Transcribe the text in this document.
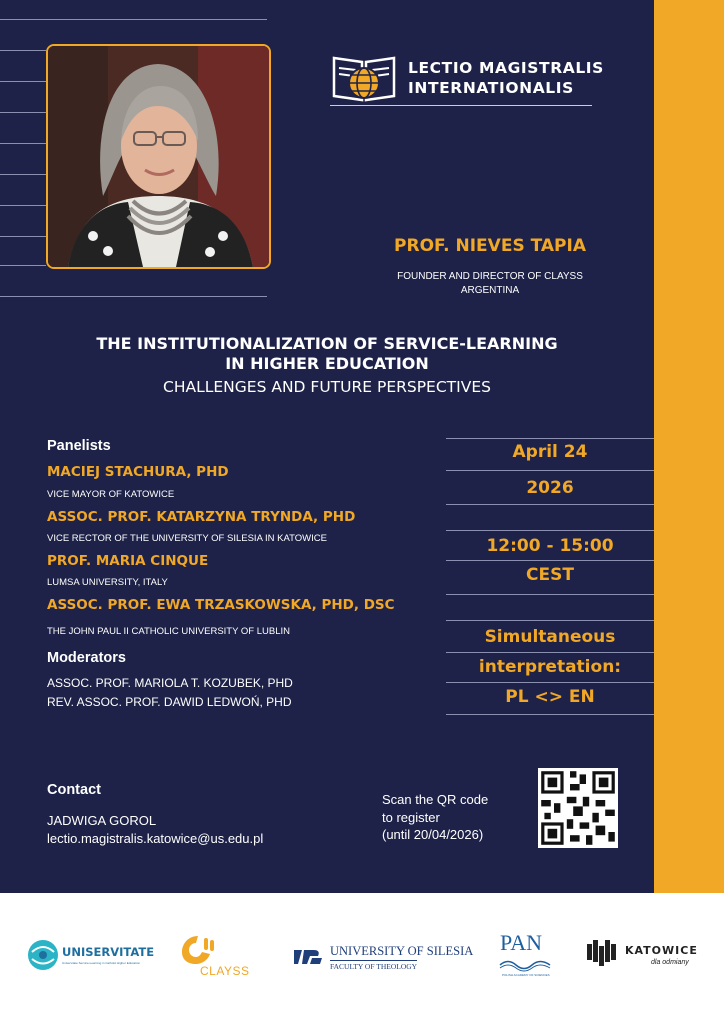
LECTIO MAGISTRALIS
INTERNATIONALIS
PROF. NIEVES TAPIA
FOUNDER AND DIRECTOR OF CLAYSS
ARGENTINA
THE INSTITUTIONALIZATION OF SERVICE-LEARNING
IN HIGHER EDUCATION
CHALLENGES AND FUTURE PERSPECTIVES
Panelists
MACIEJ STACHURA, PHD
VICE MAYOR OF KATOWICE
ASSOC. PROF. KATARZYNA TRYNDA, PHD
VICE RECTOR OF THE UNIVERSITY OF SILESIA IN KATOWICE
PROF. MARIA CINQUE
LUMSA UNIVERSITY, ITALY
ASSOC. PROF. EWA TRZASKOWSKA, PHD, DSC
THE JOHN PAUL II CATHOLIC UNIVERSITY OF LUBLIN
Moderators
ASSOC. PROF. MARIOLA T. KOZUBEK, PHD
REV. ASSOC. PROF. DAWID LEDWOŃ, PHD
April 24
2026
12:00 - 15:00
CEST
Simultaneous
interpretation:
PL <> EN
Contact
JADWIGA GOROL
lectio.magistralis.katowice@us.edu.pl
Scan the QR code
to register
(until 20/04/2026)
UNISERVITATE
Uniservitate Service-Learning in Catholic Higher Education
CLAYSS
UNIVERSITY OF SILESIA
FACULTY OF THEOLOGY
PAN
POLISH ACADEMY OF SCIENCES
KATOWICE
dla odmiany
